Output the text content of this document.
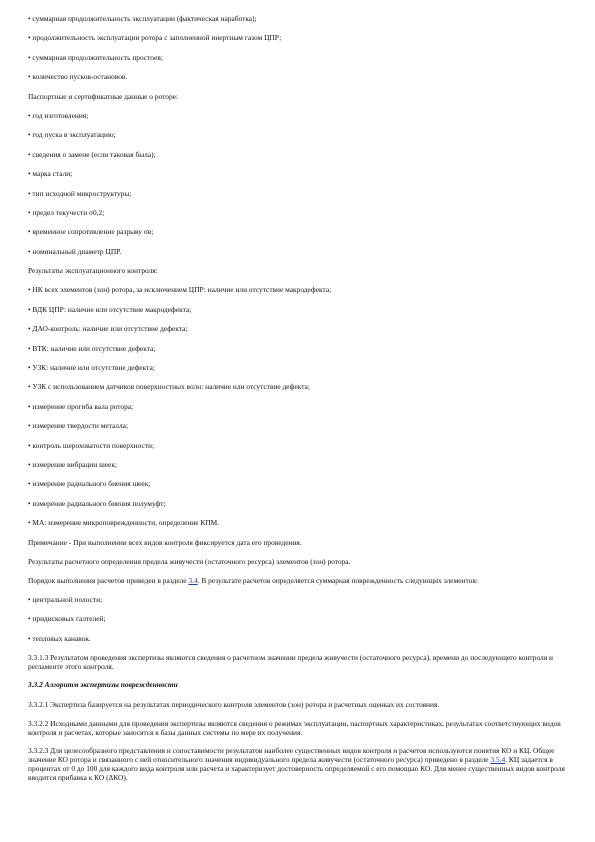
• суммарная продолжительность эксплуатации (фактическая наработка);

• продолжительность эксплуатации ротора с заполненной инертным газом ЦПР;

• суммарная продолжительность простоев;

• количество пусков-остановов.

Паспортные и сертификатные данные о роторе:

• год изготовления;

• год пуска в эксплуатацию;

• сведения о замене (если таковая была);

• марка стали;

• тип исходной микроструктуры;

• предел текучести σ0,2;

• временное сопротивление разрыву σв;

• номинальный диаметр ЦПР.

Результаты эксплуатационного контроля:

• НК всех элементов (зон) ротора, за исключением ЦПР: наличие или отсутствие макродефекта;

• ВДК ЦПР: наличие или отсутствие макродефекта;

• ДАО-контроль: наличие или отсутствие дефекта;

• ВТК: наличие или отсутствие дефекта;

• УЗК: наличие или отсутствие дефекта;

• УЗК с использованием датчиков поверхностных волн: наличие или отсутствие дефекта;

• измерение прогиба вала ротора;

• измерение твердости металла;

• контроль шероховатости поверхности;

• измерение вибрации шеек;

• измерение радиального биения шеек;

• измерение радиального биения полумуфт;

• МА: измерение микроповрежденности, определение КПМ.

Примечание - При выполнении всех видов контроля фиксируется дата его проведения.

Результаты расчетного определения предела живучести (остаточного ресурса) элементов (зон) ротора.

Порядок выполнения расчетов приведен в разделе 3.4. В результате расчетов определяется суммарная поврежденность следующих элементов:

• центральной полости;

• придисковых галтелей;

• тепловых канавок.

3.3.1.3 Результатом проведения экспертизы являются сведения о расчетном значении предела живучести (остаточного ресурса), времени до последующего контроля и регламенте этого контроля.

3.3.2 Алгоритм экспертизы поврежденности

3.3.2.1 Экспертиза базируется на результатах периодического контроля элементов (зон) ротора и расчетных оценках их состояния.

3.3.2.2 Исходными данными для проведения экспертизы являются сведения о режимах эксплуатации, паспортных характеристиках, результатах соответствующих видов контроля и расчетах, которые заносятся в базы данных системы по мере их получения.

3.3.2.3 Для целесообразного представления и сопоставимости результатов наиболее существенных видов контроля и расчетов используются понятия КО и КЦ. Общее значение КО ротора и связанного с ней относительного значения индивидуального предела живучести (остаточного ресурса) приведено в разделе 3.5.4. КЦ задается в процентах от 0 до 100 для каждого вида контроля или расчета и характеризует достоверность определяемой с его помощью КО. Для менее существенных видов контроля вводится прибавка к КО (ΔКО).
